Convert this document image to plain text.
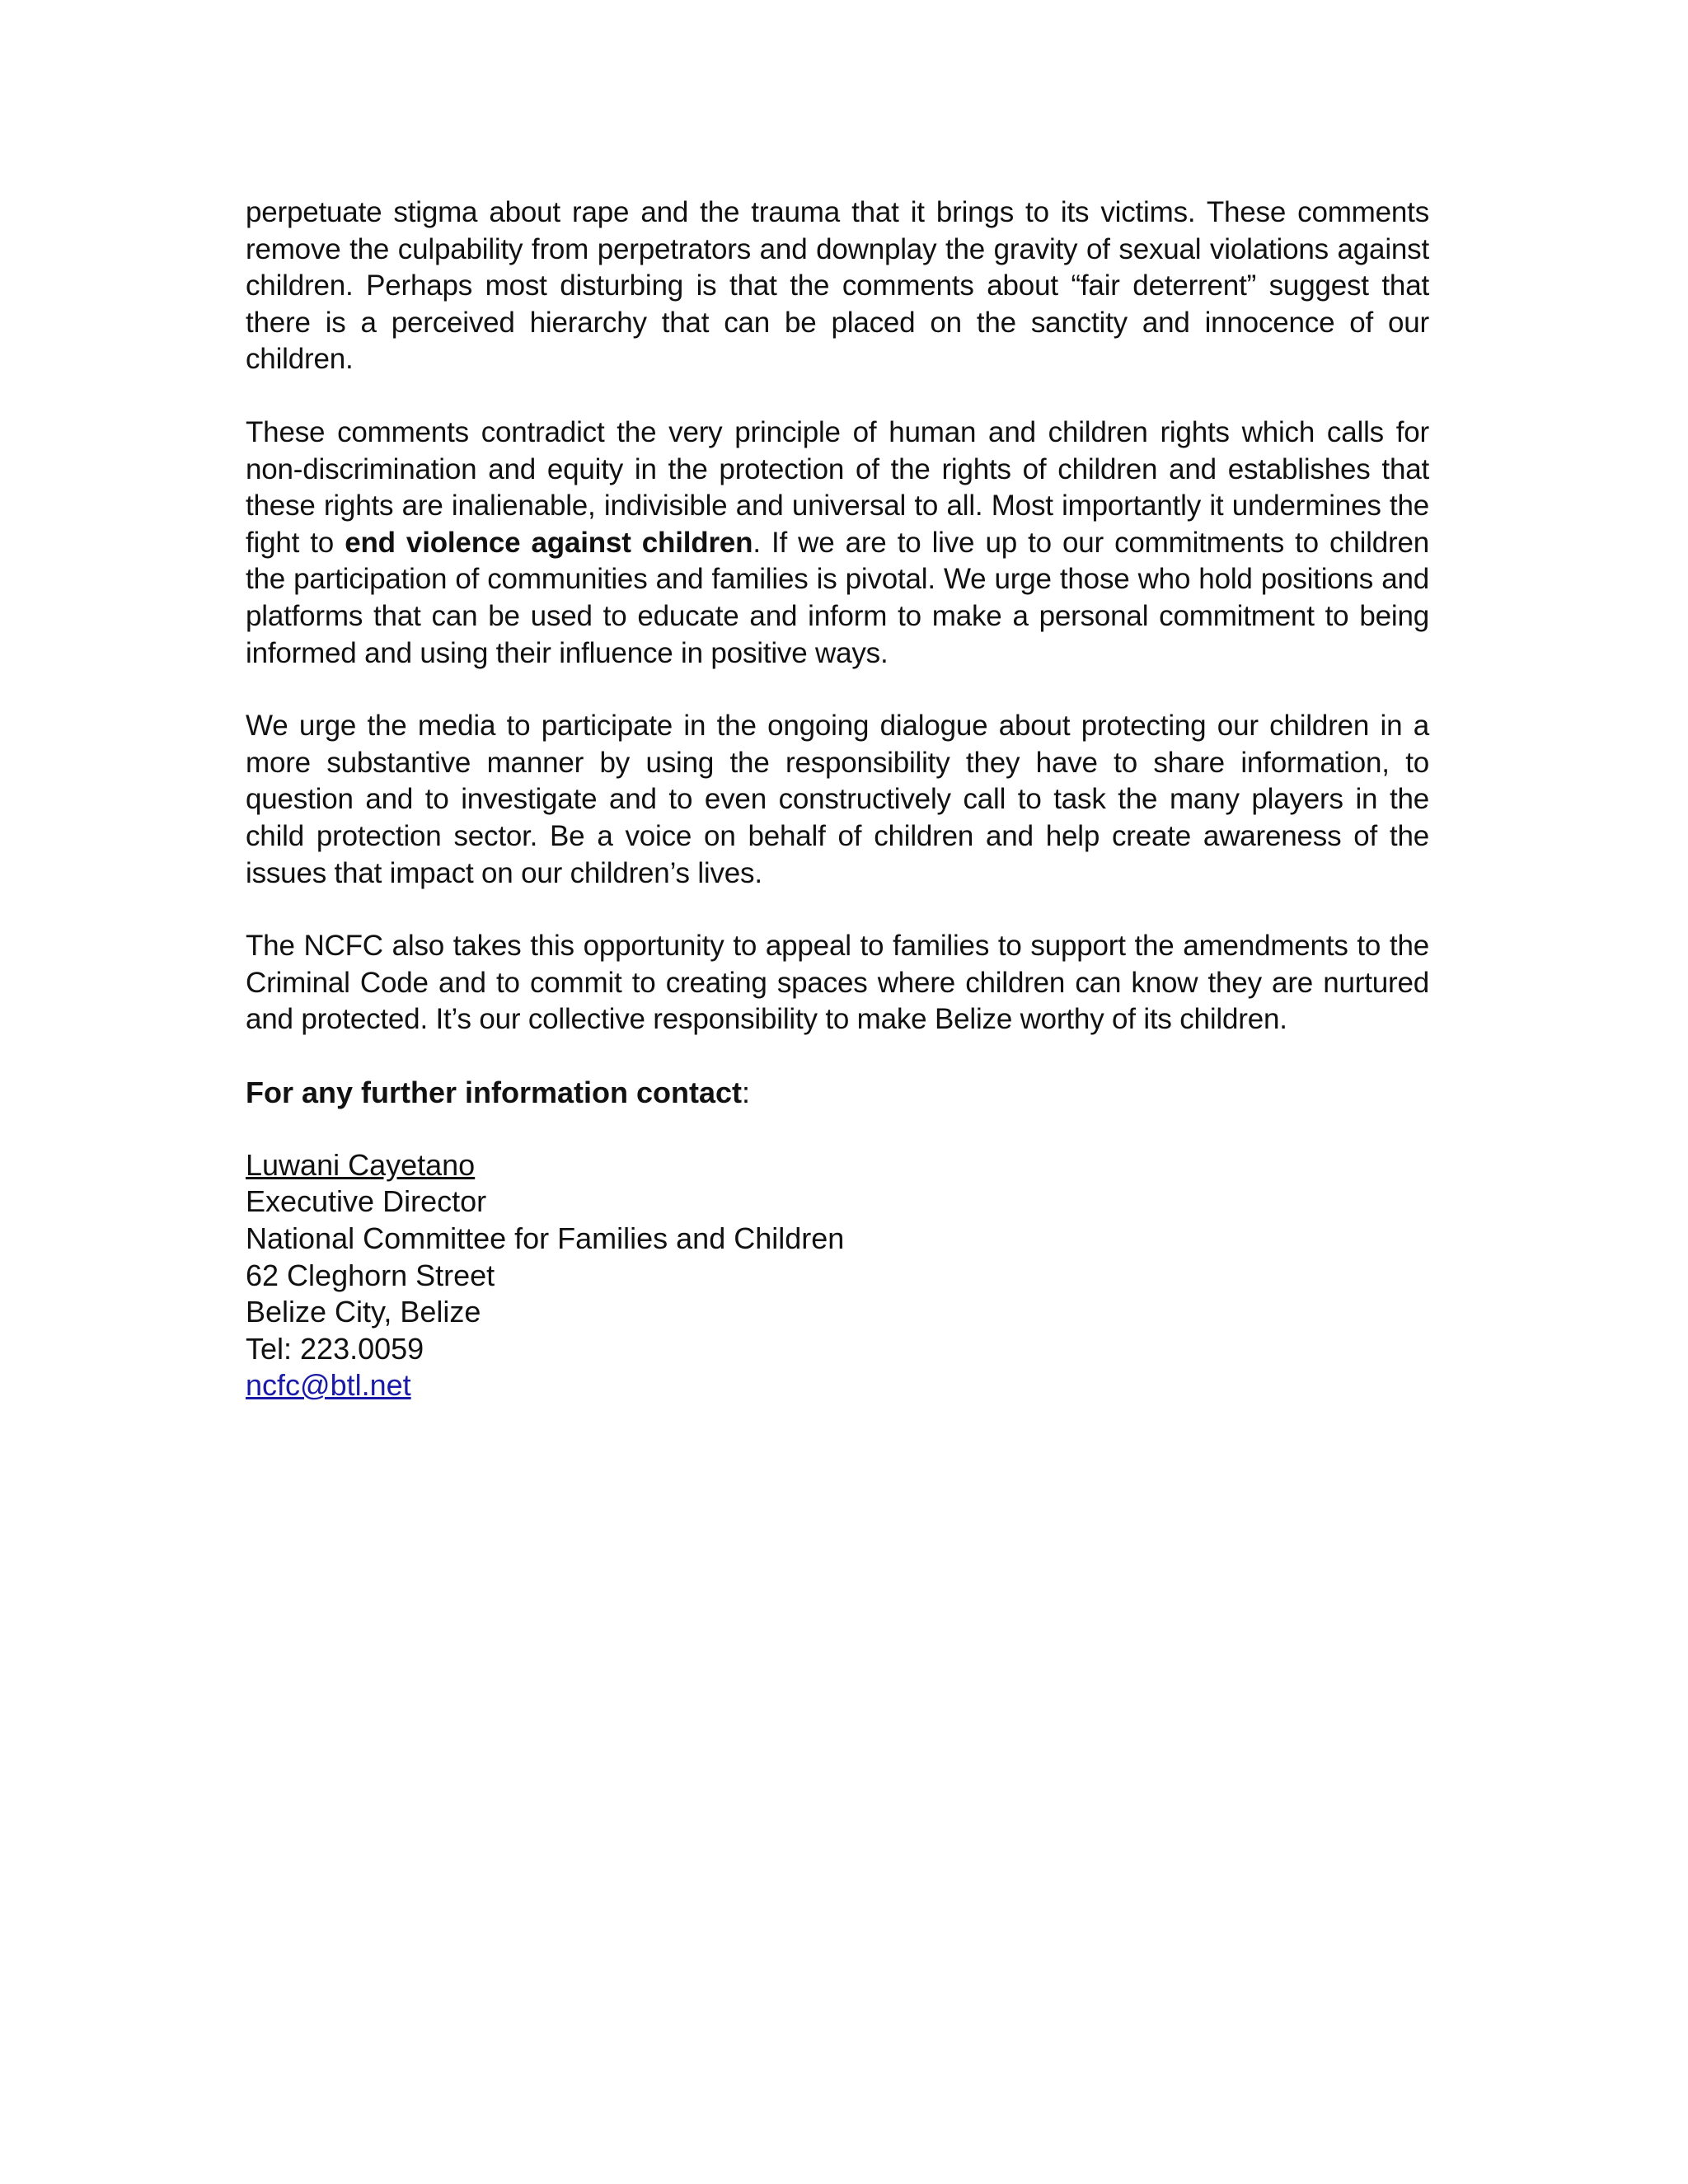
perpetuate stigma about rape and the trauma that it brings to its victims. These comments remove the culpability from perpetrators and downplay the gravity of sexual violations against children. Perhaps most disturbing is that the comments about “fair deterrent” suggest that there is a perceived hierarchy that can be placed on the sanctity and innocence of our children.

These comments contradict the very principle of human and children rights which calls for non-discrimination and equity in the protection of the rights of children and establishes that these rights are inalienable, indivisible and universal to all. Most importantly it undermines the fight to end violence against children. If we are to live up to our commitments to children the participation of communities and families is pivotal. We urge those who hold positions and platforms that can be used to educate and inform to make a personal commitment to being informed and using their influence in positive ways.

We urge the media to participate in the ongoing dialogue about protecting our children in a more substantive manner by using the responsibility they have to share information, to question and to investigate and to even constructively call to task the many players in the child protection sector. Be a voice on behalf of children and help create awareness of the issues that impact on our children’s lives.

The NCFC also takes this opportunity to appeal to families to support the amendments to the Criminal Code and to commit to creating spaces where children can know they are nurtured and protected. It’s our collective responsibility to make Belize worthy of its children.

For any further information contact:

Luwani Cayetano
Executive Director
National Committee for Families and Children
62 Cleghorn Street
Belize City, Belize
Tel: 223.0059
ncfc@btl.net
